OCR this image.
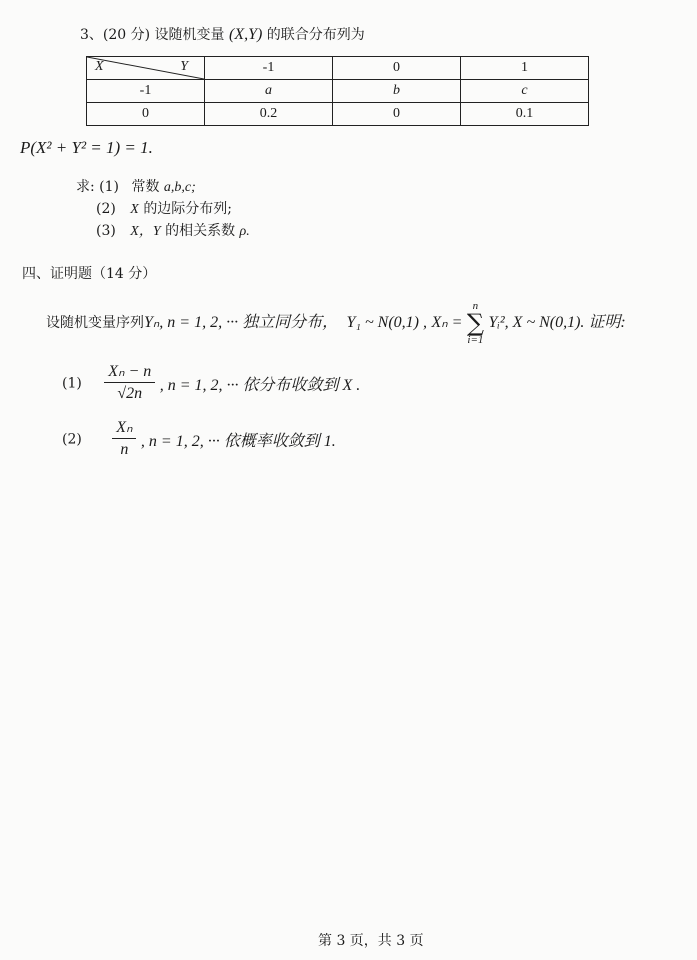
3、(20 分) 设随机变量 (X,Y) 的联合分布列为
X Y	-1	0	1
-1	a	b	c
0	0.2	0	0.1
P(X² + Y² = 1) = 1.
求: (1) 常数 a,b,c;
(2) X 的边际分布列;
(3) X，Y 的相关系数 ρ.
四、证明题（14 分）
设随机变量序列Yₙ, n = 1, 2, ··· 独立同分布， Y₁ ~ N(0,1) , Xₙ = n
∑
i=1 Yᵢ², X ~ N(0,1). 证明:
$(1) \frac{\text{Xₙ − n}}{√2n}$ , n = 1, 2, ··· 依分布收敛到 X .
$(2) \frac{\text{Xₙ}}{n}$ , n = 1, 2, ··· 依概率收敛到 1.
第 3 页，共 3 页
